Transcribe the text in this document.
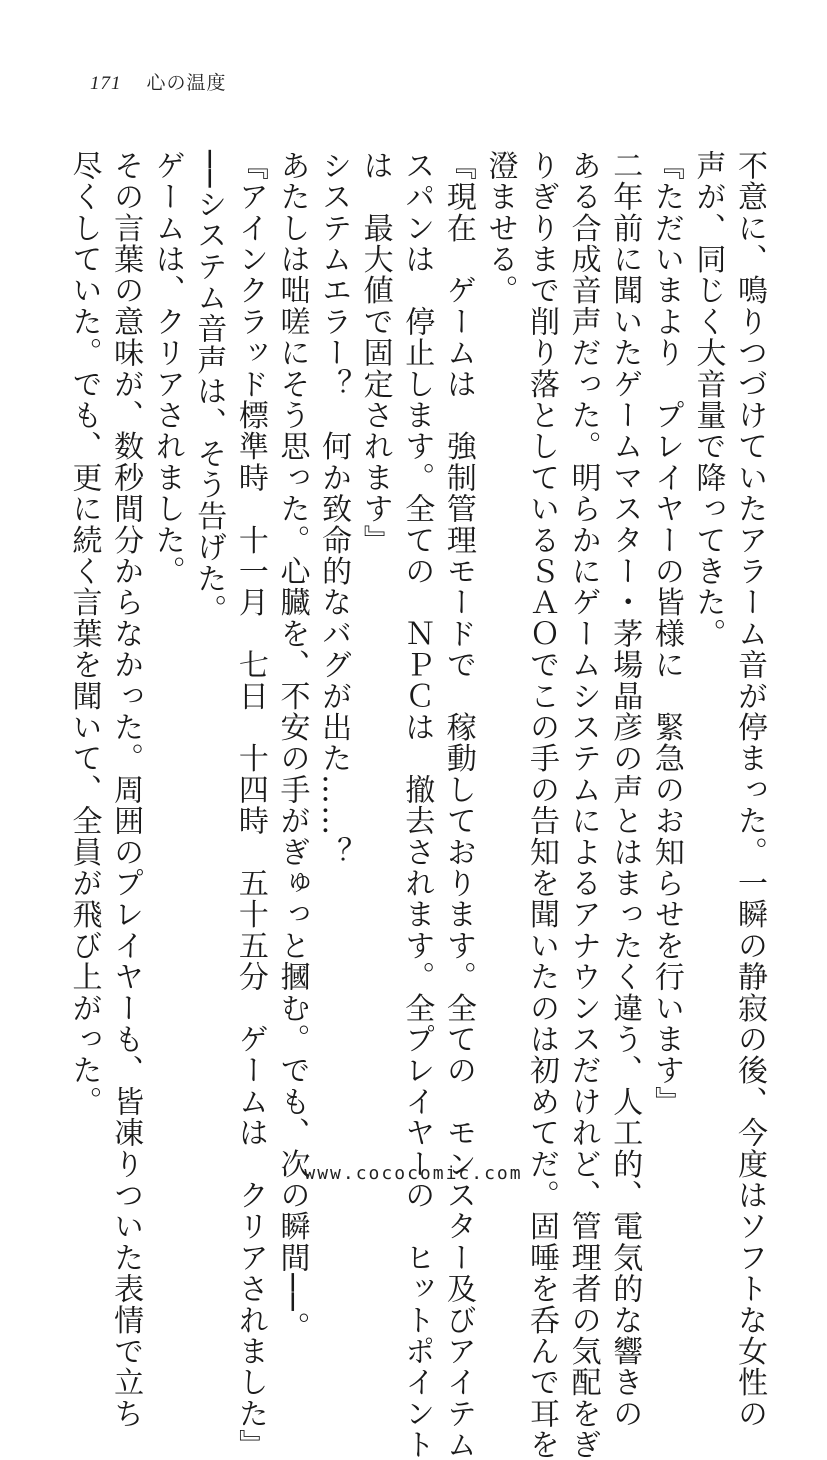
171 心の温度
不意に、鳴りつづけていたアラーム音が停まった。一瞬の静寂の後、今度はソフトな女性の
声が、同じく大音量で降ってきた。
『ただいまより　プレイヤーの皆様に　緊急のお知らせを行います』
二年前に聞いたゲームマスター・茅場晶彦の声とはまったく違う、人工的、電気的な響きの
ある合成音声だった。明らかにゲームシステムによるアナウンスだけれど、管理者の気配をぎ
りぎりまで削り落としているＳＡＯでこの手の告知を聞いたのは初めてだ。固唾を呑んで耳を
澄ませる。
『現在　ゲームは　強制管理モードで　稼動しております。全ての　モンスター及びアイテム
スパンは　停止します。全ての　ＮＰＣは　撤去されます。全プレイヤーの　ヒットポイント
は　最大値で固定されます』
システムエラー？　何か致命的なバグが出た……？
あたしは咄嗟にそう思った。心臓を、不安の手がぎゅっと摑む。でも、次の瞬間──。
『アインクラッド標準時　十一月　七日　十四時　五十五分　ゲームは　クリアされました』
──システム音声は、そう告げた。
ゲームは、クリアされました。
その言葉の意味が、数秒間分からなかった。周囲のプレイヤーも、皆凍りついた表情で立ち
尽くしていた。でも、更に続く言葉を聞いて、全員が飛び上がった。
www.cococomic.com
